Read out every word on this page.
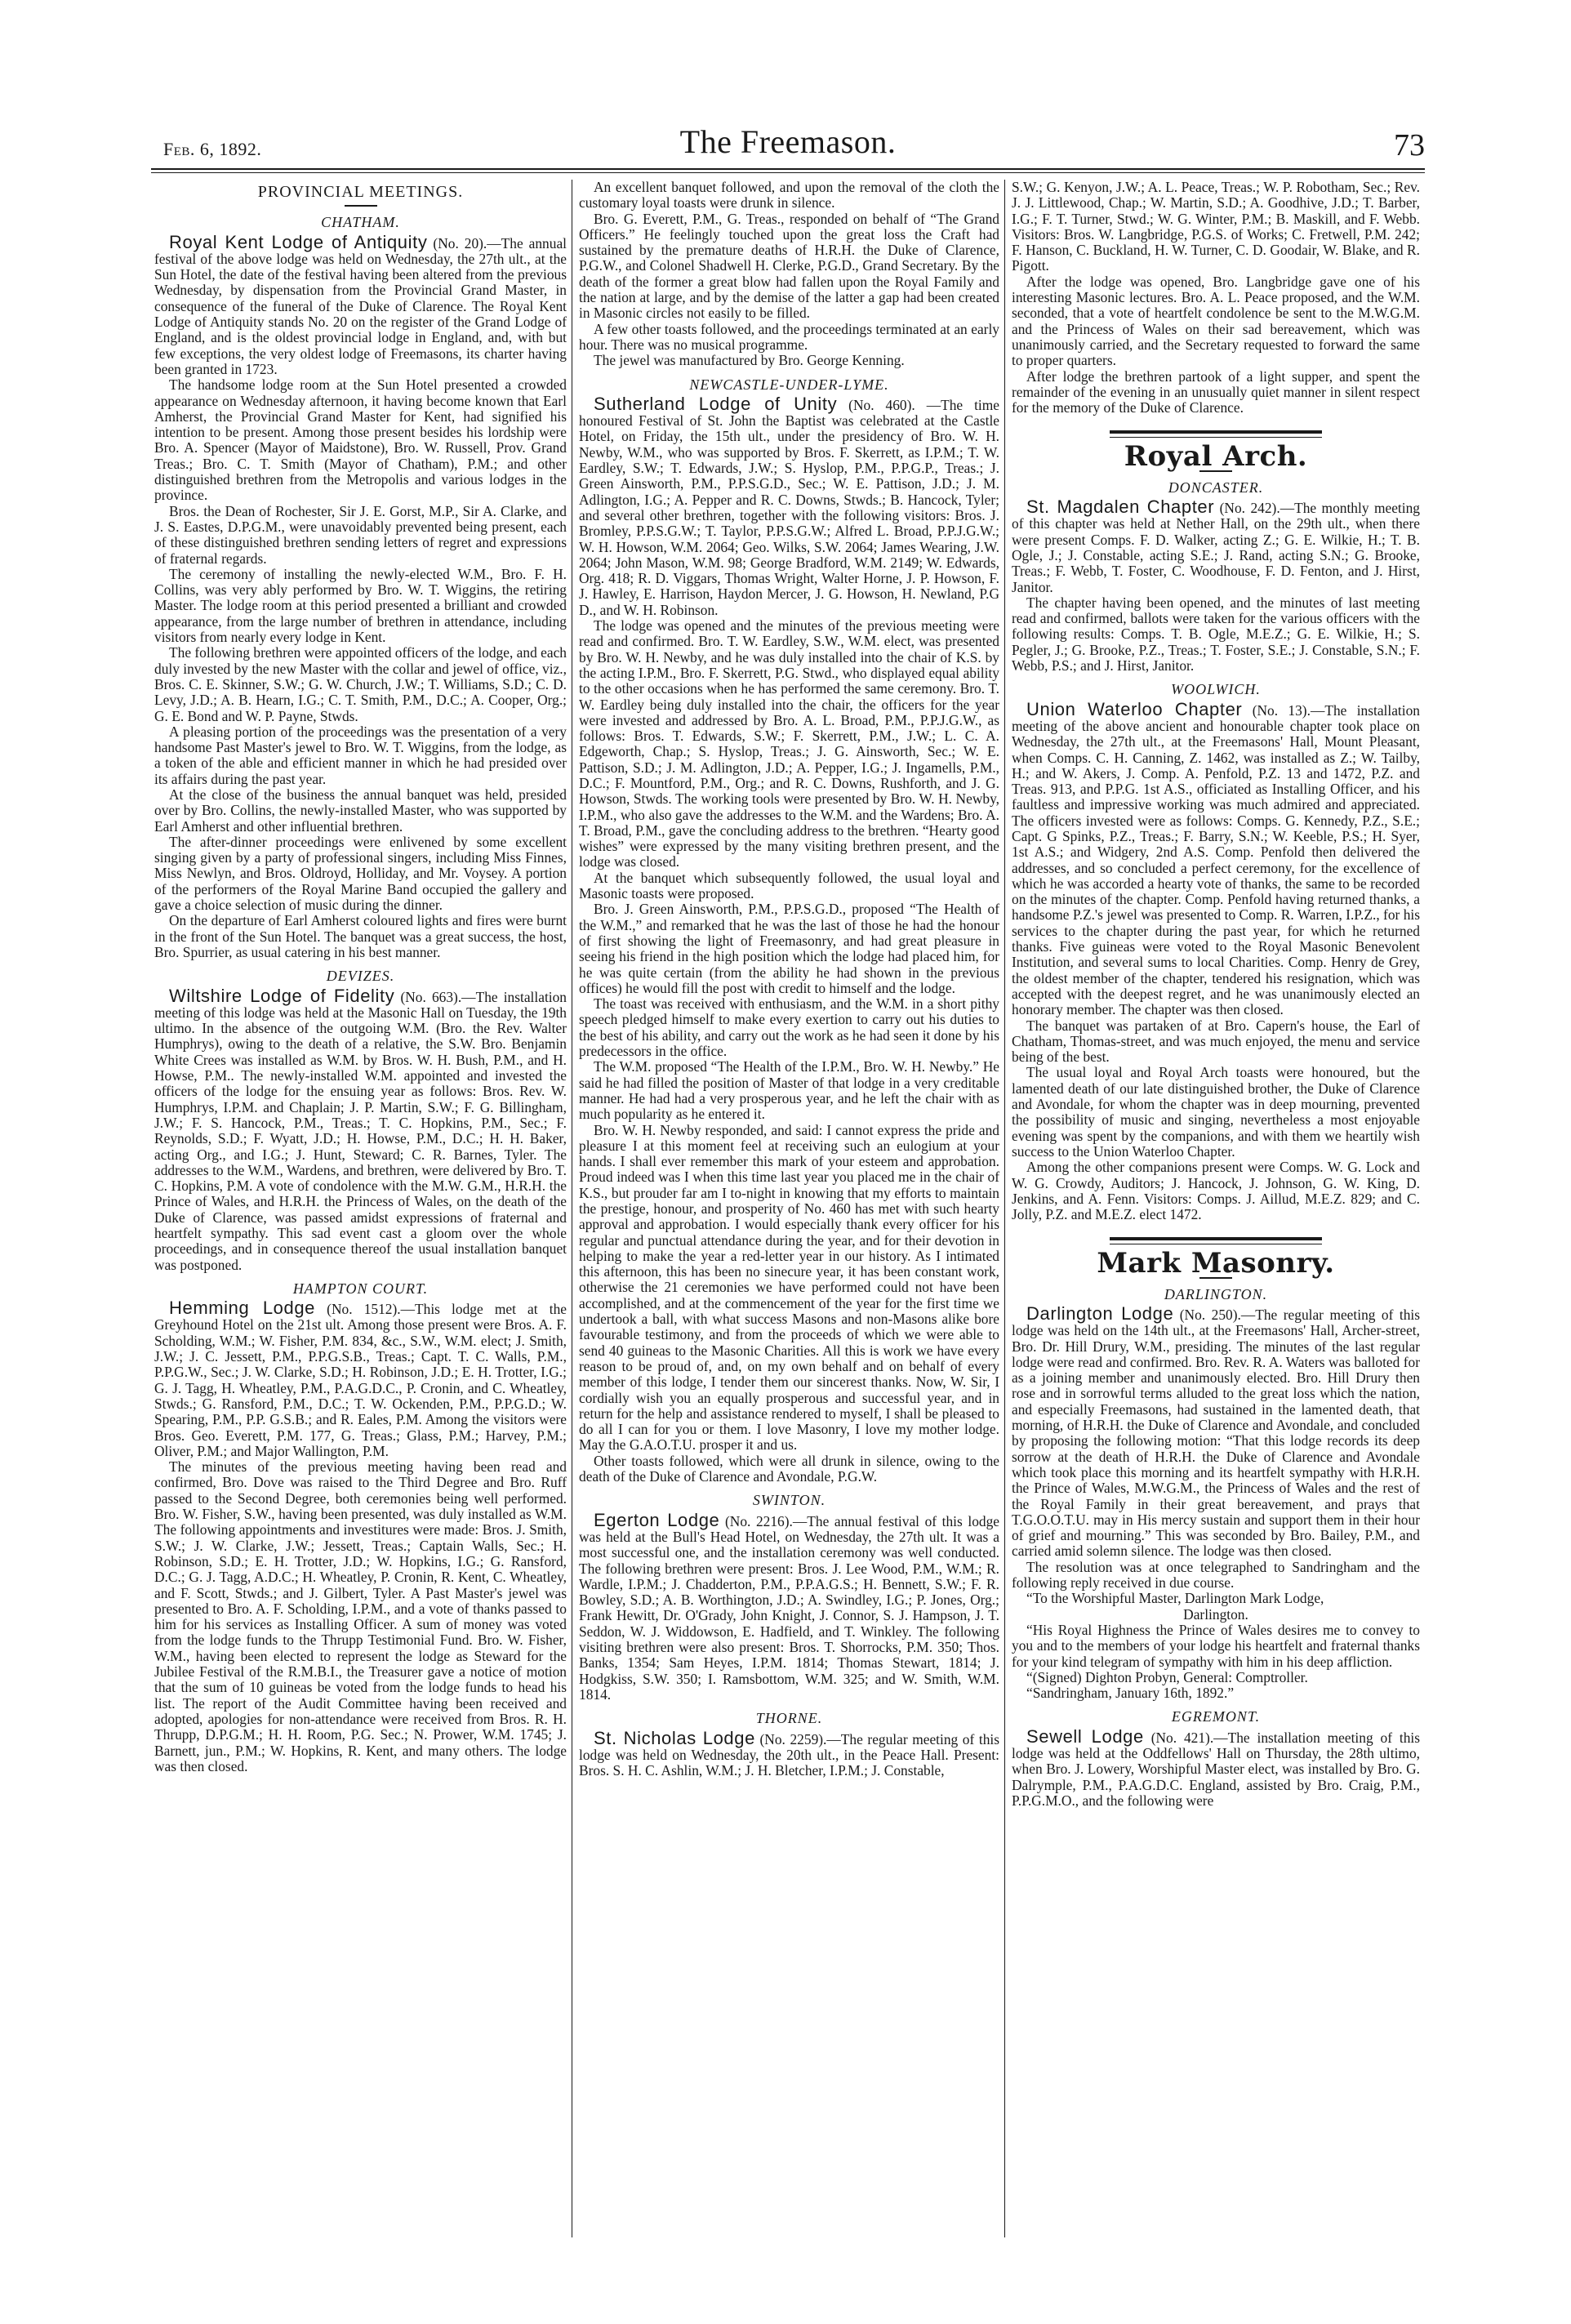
Feb. 6, 1892.	The Freemason.	73
PROVINCIAL MEETINGS.
CHATHAM.

Royal Kent Lodge of Antiquity (No. 20).—The annual festival of the above lodge was held on Wednesday, the 27th ult., at the Sun Hotel, the date of the festival having been altered from the previous Wednesday, by dispensation from the Provincial Grand Master, in consequence of the funeral of the Duke of Clarence. The Royal Kent Lodge of Antiquity stands No. 20 on the register of the Grand Lodge of England, and is the oldest provincial lodge in England, and, with but few exceptions, the very oldest lodge of Freemasons, its charter having been granted in 1723.

The handsome lodge room at the Sun Hotel presented a crowded appearance on Wednesday afternoon, it having become known that Earl Amherst, the Provincial Grand Master for Kent, had signified his intention to be present. Among those present besides his lordship were Bro. A. Spencer (Mayor of Maidstone), Bro. W. Russell, Prov. Grand Treas.; Bro. C. T. Smith (Mayor of Chatham), P.M.; and other distinguished brethren from the Metropolis and various lodges in the province.

Bros. the Dean of Rochester, Sir J. E. Gorst, M.P., Sir A. Clarke, and J. S. Eastes, D.P.G.M., were unavoidably prevented being present, each of these distinguished brethren sending letters of regret and expressions of fraternal regards.

The ceremony of installing the newly-elected W.M., Bro. F. H. Collins, was very ably performed by Bro. W. T. Wiggins, the retiring Master. The lodge room at this period presented a brilliant and crowded appearance, from the large number of brethren in attendance, including visitors from nearly every lodge in Kent.

The following brethren were appointed officers of the lodge, and each duly invested by the new Master with the collar and jewel of office, viz., Bros. C. E. Skinner, S.W.; G. W. Church, J.W.; T. Williams, S.D.; C. D. Levy, J.D.; A. B. Hearn, I.G.; C. T. Smith, P.M., D.C.; A. Cooper, Org.; G. E. Bond and W. P. Payne, Stwds.

A pleasing portion of the proceedings was the presentation of a very handsome Past Master's jewel to Bro. W. T. Wiggins, from the lodge, as a token of the able and efficient manner in which he had presided over its affairs during the past year.

At the close of the business the annual banquet was held, presided over by Bro. Collins, the newly-installed Master, who was supported by Earl Amherst and other influential brethren.

The after-dinner proceedings were enlivened by some excellent singing given by a party of professional singers, including Miss Finnes, Miss Newlyn, and Bros. Oldroyd, Holliday, and Mr. Voysey. A portion of the performers of the Royal Marine Band occupied the gallery and gave a choice selection of music during the dinner.

On the departure of Earl Amherst coloured lights and fires were burnt in the front of the Sun Hotel. The banquet was a great success, the host, Bro. Spurrier, as usual catering in his best manner.

DEVIZES.

Wiltshire Lodge of Fidelity (No. 663).—The installation meeting of this lodge was held at the Masonic Hall on Tuesday, the 19th ultimo. In the absence of the outgoing W.M. (Bro. the Rev. Walter Humphrys), owing to the death of a relative, the S.W. Bro. Benjamin White Crees was installed as W.M. by Bros. W. H. Bush, P.M., and H. Howse, P.M.. The newly-installed W.M. appointed and invested the officers of the lodge for the ensuing year as follows: Bros. Rev. W. Humphrys, I.P.M. and Chaplain; J. P. Martin, S.W.; F. G. Billingham, J.W.; F. S. Hancock, P.M., Treas.; T. C. Hopkins, P.M., Sec.; F. Reynolds, S.D.; F. Wyatt, J.D.; H. Howse, P.M., D.C.; H. H. Baker, acting Org., and I.G.; J. Hunt, Steward; C. R. Barnes, Tyler. The addresses to the W.M., Wardens, and brethren, were delivered by Bro. T. C. Hopkins, P.M. A vote of condolence with the M.W. G.M., H.R.H. the Prince of Wales, and H.R.H. the Princess of Wales, on the death of the Duke of Clarence, was passed amidst expressions of fraternal and heartfelt sympathy. This sad event cast a gloom over the whole proceedings, and in consequence thereof the usual installation banquet was postponed.

HAMPTON COURT.

Hemming Lodge (No. 1512).—This lodge met at the Greyhound Hotel on the 21st ult. Among those present were Bros. A. F. Scholding, W.M.; W. Fisher, P.M. 834, &c., S.W., W.M. elect; J. Smith, J.W.; J. C. Jessett, P.M., P.P.G.S.B., Treas.; Capt. T. C. Walls, P.M., P.P.G.W., Sec.; J. W. Clarke, S.D.; H. Robinson, J.D.; E. H. Trotter, I.G.; G. J. Tagg, H. Wheatley, P.M., P.A.G.D.C., P. Cronin, and C. Wheatley, Stwds.; G. Ransford, P.M., D.C.; T. W. Ockenden, P.M., P.P.G.D.; W. Spearing, P.M., P.P. G.S.B.; and R. Eales, P.M. Among the visitors were Bros. Geo. Everett, P.M. 177, G. Treas.; Glass, P.M.; Harvey, P.M.; Oliver, P.M.; and Major Wallington, P.M.

The minutes of the previous meeting having been read and confirmed, Bro. Dove was raised to the Third Degree and Bro. Ruff passed to the Second Degree, both ceremonies being well performed. Bro. W. Fisher, S.W., having been presented, was duly installed as W.M. The following appointments and investitures were made: Bros. J. Smith, S.W.; J. W. Clarke, J.W.; Jessett, Treas.; Captain Walls, Sec.; H. Robinson, S.D.; E. H. Trotter, J.D.; W. Hopkins, I.G.; G. Ransford, D.C.; G. J. Tagg, A.D.C.; H. Wheatley, P. Cronin, R. Kent, C. Wheatley, and F. Scott, Stwds.; and J. Gilbert, Tyler. A Past Master's jewel was presented to Bro. A. F. Scholding, I.P.M., and a vote of thanks passed to him for his services as Installing Officer. A sum of money was voted from the lodge funds to the Thrupp Testimonial Fund. Bro. W. Fisher, W.M., having been elected to represent the lodge as Steward for the Jubilee Festival of the R.M.B.I., the Treasurer gave a notice of motion that the sum of 10 guineas be voted from the lodge funds to head his list. The report of the Audit Committee having been received and adopted, apologies for non-attendance were received from Bros. R. H. Thrupp, D.P.G.M.; H. H. Room, P.G. Sec.; N. Prower, W.M. 1745; J. Barnett, jun., P.M.; W. Hopkins, R. Kent, and many others. The lodge was then closed.

An excellent banquet followed, and upon the removal of the cloth the customary loyal toasts were drunk in silence.

Bro. G. Everett, P.M., G. Treas., responded on behalf of “The Grand Officers.” He feelingly touched upon the great loss the Craft had sustained by the premature deaths of H.R.H. the Duke of Clarence, P.G.W., and Colonel Shadwell H. Clerke, P.G.D., Grand Secretary. By the death of the former a great blow had fallen upon the Royal Family and the nation at large, and by the demise of the latter a gap had been created in Masonic circles not easily to be filled.

A few other toasts followed, and the proceedings terminated at an early hour. There was no musical programme.

The jewel was manufactured by Bro. George Kenning.

NEWCASTLE-UNDER-LYME.

Sutherland Lodge of Unity (No. 460). —The time honoured Festival of St. John the Baptist was celebrated at the Castle Hotel, on Friday, the 15th ult., under the presidency of Bro. W. H. Newby, W.M., who was supported by Bros. F. Skerrett, as I.P.M.; T. W. Eardley, S.W.; T. Edwards, J.W.; S. Hyslop, P.M., P.P.G.P., Treas.; J. Green Ainsworth, P.M., P.P.S.G.D., Sec.; W. E. Pattison, J.D.; J. M. Adlington, I.G.; A. Pepper and R. C. Downs, Stwds.; B. Hancock, Tyler; and several other brethren, together with the following visitors: Bros. J. Bromley, P.P.S.G.W.; T. Taylor, P.P.S.G.W.; Alfred L. Broad, P.P.J.G.W.; W. H. Howson, W.M. 2064; Geo. Wilks, S.W. 2064; James Wearing, J.W. 2064; John Mason, W.M. 98; George Bradford, W.M. 2149; W. Edwards, Org. 418; R. D. Viggars, Thomas Wright, Walter Horne, J. P. Howson, F. J. Hawley, E. Harrison, Haydon Mercer, J. G. Howson, H. Newland, P.G D., and W. H. Robinson.

The lodge was opened and the minutes of the previous meeting were read and confirmed. Bro. T. W. Eardley, S.W., W.M. elect, was presented by Bro. W. H. Newby, and he was duly installed into the chair of K.S. by the acting I.P.M., Bro. F. Skerrett, P.G. Stwd., who displayed equal ability to the other occasions when he has performed the same ceremony. Bro. T. W. Eardley being duly installed into the chair, the officers for the year were invested and addressed by Bro. A. L. Broad, P.M., P.P.J.G.W., as follows: Bros. T. Edwards, S.W.; F. Skerrett, P.M., J.W.; L. C. A. Edgeworth, Chap.; S. Hyslop, Treas.; J. G. Ainsworth, Sec.; W. E. Pattison, S.D.; J. M. Adlington, J.D.; A. Pepper, I.G.; J. Ingamells, P.M., D.C.; F. Mountford, P.M., Org.; and R. C. Downs, Rushforth, and J. G. Howson, Stwds. The working tools were presented by Bro. W. H. Newby, I.P.M., who also gave the addresses to the W.M. and the Wardens; Bro. A. T. Broad, P.M., gave the concluding address to the brethren. “Hearty good wishes” were expressed by the many visiting brethren present, and the lodge was closed.

At the banquet which subsequently followed, the usual loyal and Masonic toasts were proposed.

Bro. J. Green Ainsworth, P.M., P.P.S.G.D., proposed “The Health of the W.M.,” and remarked that he was the last of those he had the honour of first showing the light of Freemasonry, and had great pleasure in seeing his friend in the high position which the lodge had placed him, for he was quite certain (from the ability he had shown in the previous offices) he would fill the post with credit to himself and the lodge.

The toast was received with enthusiasm, and the W.M. in a short pithy speech pledged himself to make every exertion to carry out his duties to the best of his ability, and carry out the work as he had seen it done by his predecessors in the office.

The W.M. proposed “The Health of the I.P.M., Bro. W. H. Newby.” He said he had filled the position of Master of that lodge in a very creditable manner. He had had a very prosperous year, and he left the chair with as much popularity as he entered it.

Bro. W. H. Newby responded, and said: I cannot express the pride and pleasure I at this moment feel at receiving such an eulogium at your hands. I shall ever remember this mark of your esteem and approbation. Proud indeed was I when this time last year you placed me in the chair of K.S., but prouder far am I to-night in knowing that my efforts to maintain the prestige, honour, and prosperity of No. 460 has met with such hearty approval and approbation. I would especially thank every officer for his regular and punctual attendance during the year, and for their devotion in helping to make the year a red-letter year in our history. As I intimated this afternoon, this has been no sinecure year, it has been constant work, otherwise the 21 ceremonies we have performed could not have been accomplished, and at the commencement of the year for the first time we undertook a ball, with what success Masons and non-Masons alike bore favourable testimony, and from the proceeds of which we were able to send 40 guineas to the Masonic Charities. All this is work we have every reason to be proud of, and, on my own behalf and on behalf of every member of this lodge, I tender them our sincerest thanks. Now, W. Sir, I cordially wish you an equally prosperous and successful year, and in return for the help and assistance rendered to myself, I shall be pleased to do all I can for you or them. I love Masonry, I love my mother lodge. May the G.A.O.T.U. prosper it and us.

Other toasts followed, which were all drunk in silence, owing to the death of the Duke of Clarence and Avondale, P.G.W.

SWINTON.

Egerton Lodge (No. 2216).—The annual festival of this lodge was held at the Bull's Head Hotel, on Wednesday, the 27th ult. It was a most successful one, and the installation ceremony was well conducted. The following brethren were present: Bros. J. Lee Wood, P.M., W.M.; R. Wardle, I.P.M.; J. Chadderton, P.M., P.P.A.G.S.; H. Bennett, S.W.; F. R. Bowley, S.D.; A. B. Worthington, J.D.; A. Swindley, I.G.; P. Jones, Org.; Frank Hewitt, Dr. O'Grady, John Knight, J. Connor, S. J. Hampson, J. T. Seddon, W. J. Widdowson, E. Hadfield, and T. Winkley. The following visiting brethren were also present: Bros. T. Shorrocks, P.M. 350; Thos. Banks, 1354; Sam Heyes, I.P.M. 1814; Thomas Stewart, 1814; J. Hodgkiss, S.W. 350; I. Ramsbottom, W.M. 325; and W. Smith, W.M. 1814.

THORNE.

St. Nicholas Lodge (No. 2259).—The regular meeting of this lodge was held on Wednesday, the 20th ult., in the Peace Hall. Present: Bros. S. H. C. Ashlin, W.M.; J. H. Bletcher, I.P.M.; J. Constable,

S.W.; G. Kenyon, J.W.; A. L. Peace, Treas.; W. P. Robotham, Sec.; Rev. J. J. Littlewood, Chap.; W. Martin, S.D.; A. Goodhive, J.D.; T. Barber, I.G.; F. T. Turner, Stwd.; W. G. Winter, P.M.; B. Maskill, and F. Webb. Visitors: Bros. W. Langbridge, P.G.S. of Works; C. Fretwell, P.M. 242; F. Hanson, C. Buckland, H. W. Turner, C. D. Goodair, W. Blake, and R. Pigott.

After the lodge was opened, Bro. Langbridge gave one of his interesting Masonic lectures. Bro. A. L. Peace proposed, and the W.M. seconded, that a vote of heartfelt condolence be sent to the M.W.G.M. and the Princess of Wales on their sad bereavement, which was unanimously carried, and the Secretary requested to forward the same to proper quarters.

After lodge the brethren partook of a light supper, and spent the remainder of the evening in an unusually quiet manner in silent respect for the memory of the Duke of Clarence.

Royal Arch.
DONCASTER.

St. Magdalen Chapter (No. 242).—The monthly meeting of this chapter was held at Nether Hall, on the 29th ult., when there were present Comps. F. D. Walker, acting Z.; G. E. Wilkie, H.; T. B. Ogle, J.; J. Constable, acting S.E.; J. Rand, acting S.N.; G. Brooke, Treas.; F. Webb, T. Foster, C. Woodhouse, F. D. Fenton, and J. Hirst, Janitor.

The chapter having been opened, and the minutes of last meeting read and confirmed, ballots were taken for the various officers with the following results: Comps. T. B. Ogle, M.E.Z.; G. E. Wilkie, H.; S. Pegler, J.; G. Brooke, P.Z., Treas.; T. Foster, S.E.; J. Constable, S.N.; F. Webb, P.S.; and J. Hirst, Janitor.

WOOLWICH.

Union Waterloo Chapter (No. 13).—The installation meeting of the above ancient and honourable chapter took place on Wednesday, the 27th ult., at the Freemasons' Hall, Mount Pleasant, when Comps. C. H. Canning, Z. 1462, was installed as Z.; W. Tailby, H.; and W. Akers, J. Comp. A. Penfold, P.Z. 13 and 1472, P.Z. and Treas. 913, and P.P.G. 1st A.S., officiated as Installing Officer, and his faultless and impressive working was much admired and appreciated. The officers invested were as follows: Comps. G. Kennedy, P.Z., S.E.; Capt. G Spinks, P.Z., Treas.; F. Barry, S.N.; W. Keeble, P.S.; H. Syer, 1st A.S.; and Widgery, 2nd A.S. Comp. Penfold then delivered the addresses, and so concluded a perfect ceremony, for the excellence of which he was accorded a hearty vote of thanks, the same to be recorded on the minutes of the chapter. Comp. Penfold having returned thanks, a handsome P.Z.'s jewel was presented to Comp. R. Warren, I.P.Z., for his services to the chapter during the past year, for which he returned thanks. Five guineas were voted to the Royal Masonic Benevolent Institution, and several sums to local Charities. Comp. Henry de Grey, the oldest member of the chapter, tendered his resignation, which was accepted with the deepest regret, and he was unanimously elected an honorary member. The chapter was then closed.

The banquet was partaken of at Bro. Capern's house, the Earl of Chatham, Thomas-street, and was much enjoyed, the menu and service being of the best.

The usual loyal and Royal Arch toasts were honoured, but the lamented death of our late distinguished brother, the Duke of Clarence and Avondale, for whom the chapter was in deep mourning, prevented the possibility of music and singing, nevertheless a most enjoyable evening was spent by the companions, and with them we heartily wish success to the Union Waterloo Chapter.

Among the other companions present were Comps. W. G. Lock and W. G. Crowdy, Auditors; J. Hancock, J. Johnson, G. W. King, D. Jenkins, and A. Fenn. Visitors: Comps. J. Aillud, M.E.Z. 829; and C. Jolly, P.Z. and M.E.Z. elect 1472.

Mark Masonry.
DARLINGTON.

Darlington Lodge (No. 250).—The regular meeting of this lodge was held on the 14th ult., at the Freemasons' Hall, Archer-street, Bro. Dr. Hill Drury, W.M., presiding. The minutes of the last regular lodge were read and confirmed. Bro. Rev. R. A. Waters was balloted for as a joining member and unanimously elected. Bro. Hill Drury then rose and in sorrowful terms alluded to the great loss which the nation, and especially Freemasons, had sustained in the lamented death, that morning, of H.R.H. the Duke of Clarence and Avondale, and concluded by proposing the following motion: “That this lodge records its deep sorrow at the death of H.R.H. the Duke of Clarence and Avondale which took place this morning and its heartfelt sympathy with H.R.H. the Prince of Wales, M.W.G.M., the Princess of Wales and the rest of the Royal Family in their great bereavement, and prays that T.G.O.O.T.U. may in His mercy sustain and support them in their hour of grief and mourning.” This was seconded by Bro. Bailey, P.M., and carried amid solemn silence. The lodge was then closed.

The resolution was at once telegraphed to Sandringham and the following reply received in due course.

“To the Worshipful Master, Darlington Mark Lodge,

Darlington.

“His Royal Highness the Prince of Wales desires me to convey to you and to the members of your lodge his heartfelt and fraternal thanks for your kind telegram of sympathy with him in his deep affliction.

“(Signed) Dighton Probyn, General: Comptroller.

“Sandringham, January 16th, 1892.”

EGREMONT.

Sewell Lodge (No. 421).—The installation meeting of this lodge was held at the Oddfellows' Hall on Thursday, the 28th ultimo, when Bro. J. Lowery, Worshipful Master elect, was installed by Bro. G. Dalrymple, P.M., P.A.G.D.C. England, assisted by Bro. Craig, P.M., P.P.G.M.O., and the following were
